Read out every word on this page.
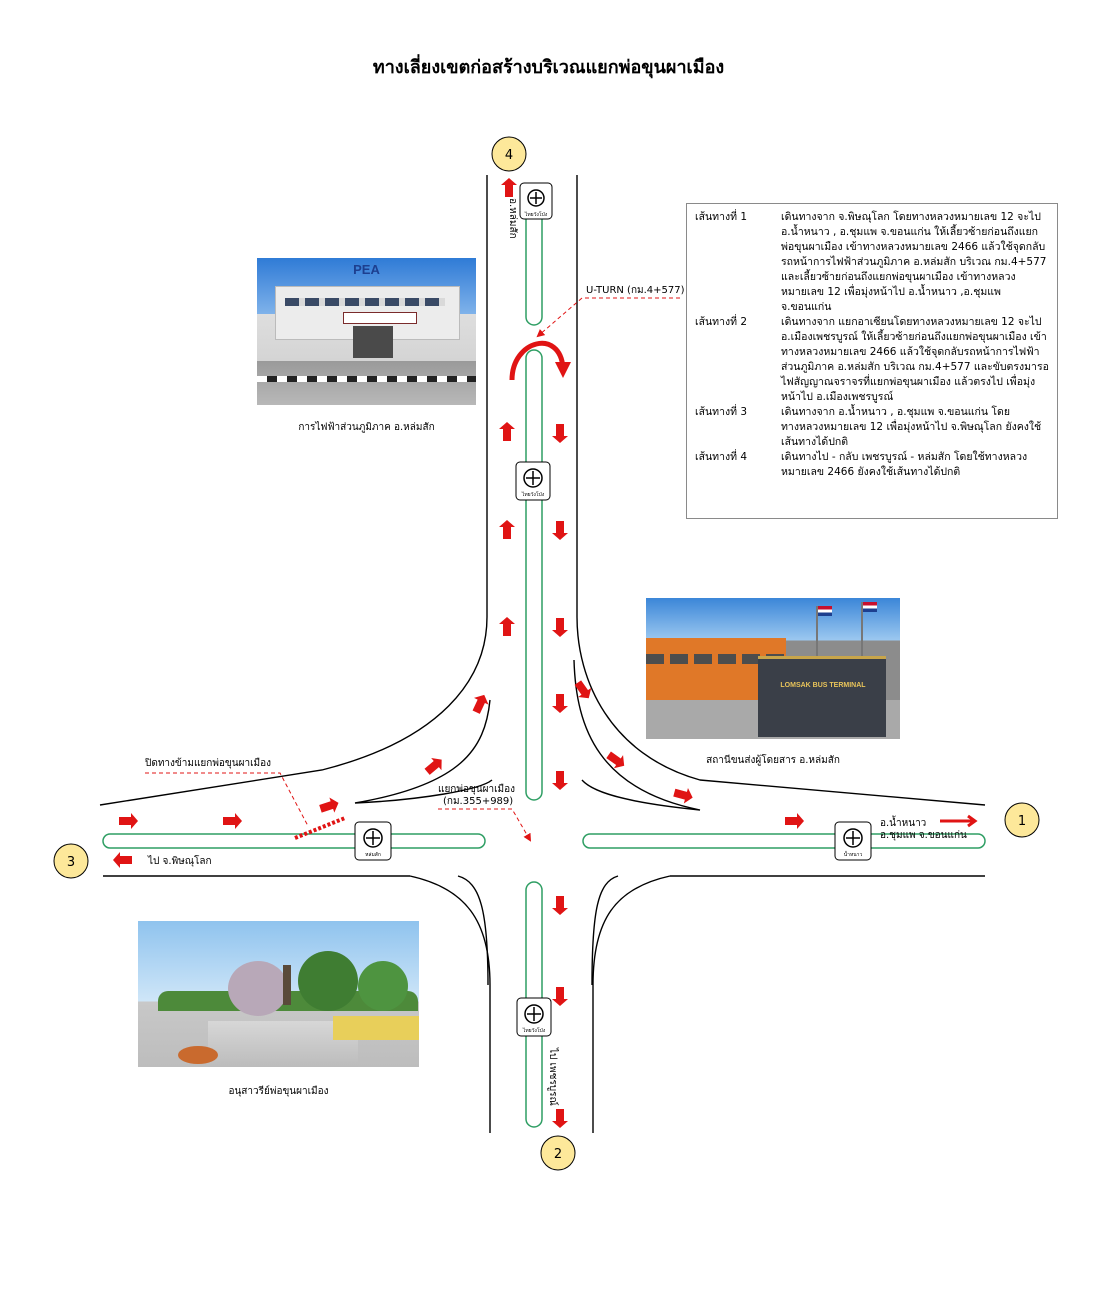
ทางเลี่ยงเขตก่อสร้างบริเวณแยกพ่อขุนผาเมือง
ไทยวังโป่ง
ไทยวังโป่ง
หล่มสัก	น้ำหนาว
ไทยวังโป่ง
4
1
3
2
U-TURN (กม.4+577)
อ.หล่มสัก
ไป เพชรบูรณ์
ไป จ.พิษณุโลก
อ.น้ำหนาว
อ.ชุมแพ จ.ขอนแก่น
ปิดทางข้ามแยกพ่อขุนผาเมือง
แยกพ่อขุนผาเมือง
(กม.355+989)
เส้นทางที่ 1	เดินทางจาก จ.พิษณุโลก โดยทางหลวงหมายเลข 12 จะไป อ.น้ำหนาว , อ.ชุมแพ จ.ขอนแก่น ให้เลี้ยวซ้ายก่อนถึงแยกพ่อขุนผาเมือง เข้าทางหลวงหมายเลข 2466 แล้วใช้จุดกลับรถหน้าการไฟฟ้าส่วนภูมิภาค อ.หล่มสัก บริเวณ กม.4+577 และเลี้ยวซ้ายก่อนถึงแยกพ่อขุนผาเมือง เข้าทางหลวงหมายเลข 12 เพื่อมุ่งหน้าไป อ.น้ำหนาว ,อ.ชุมแพ จ.ขอนแก่น
เส้นทางที่ 2	เดินทางจาก แยกอาเซียนโดยทางหลวงหมายเลข 12 จะไป อ.เมืองเพชรบูรณ์ ให้เลี้ยวซ้ายก่อนถึงแยกพ่อขุนผาเมือง เข้าทางหลวงหมายเลข 2466 แล้วใช้จุดกลับรถหน้าการไฟฟ้าส่วนภูมิภาค อ.หล่มสัก บริเวณ กม.4+577 และขับตรงมารอไฟสัญญาณจราจรที่แยกพ่อขุนผาเมือง แล้วตรงไป เพื่อมุ่งหน้าไป อ.เมืองเพชรบูรณ์
เส้นทางที่ 3	เดินทางจาก อ.น้ำหนาว , อ.ชุมแพ จ.ขอนแก่น โดยทางหลวงหมายเลข 12 เพื่อมุ่งหน้าไป จ.พิษณุโลก ยังคงใช้เส้นทางได้ปกติ
เส้นทางที่ 4	เดินทางไป - กลับ เพชรบูรณ์ - หล่มสัก โดยใช้ทางหลวงหมายเลข 2466 ยังคงใช้เส้นทางได้ปกติ
PEA
การไฟฟ้าส่วนภูมิภาค อ.หล่มสัก
LOMSAK BUS TERMINAL
สถานีขนส่งผู้โดยสาร อ.หล่มสัก
อนุสาวรีย์พ่อขุนผาเมือง
